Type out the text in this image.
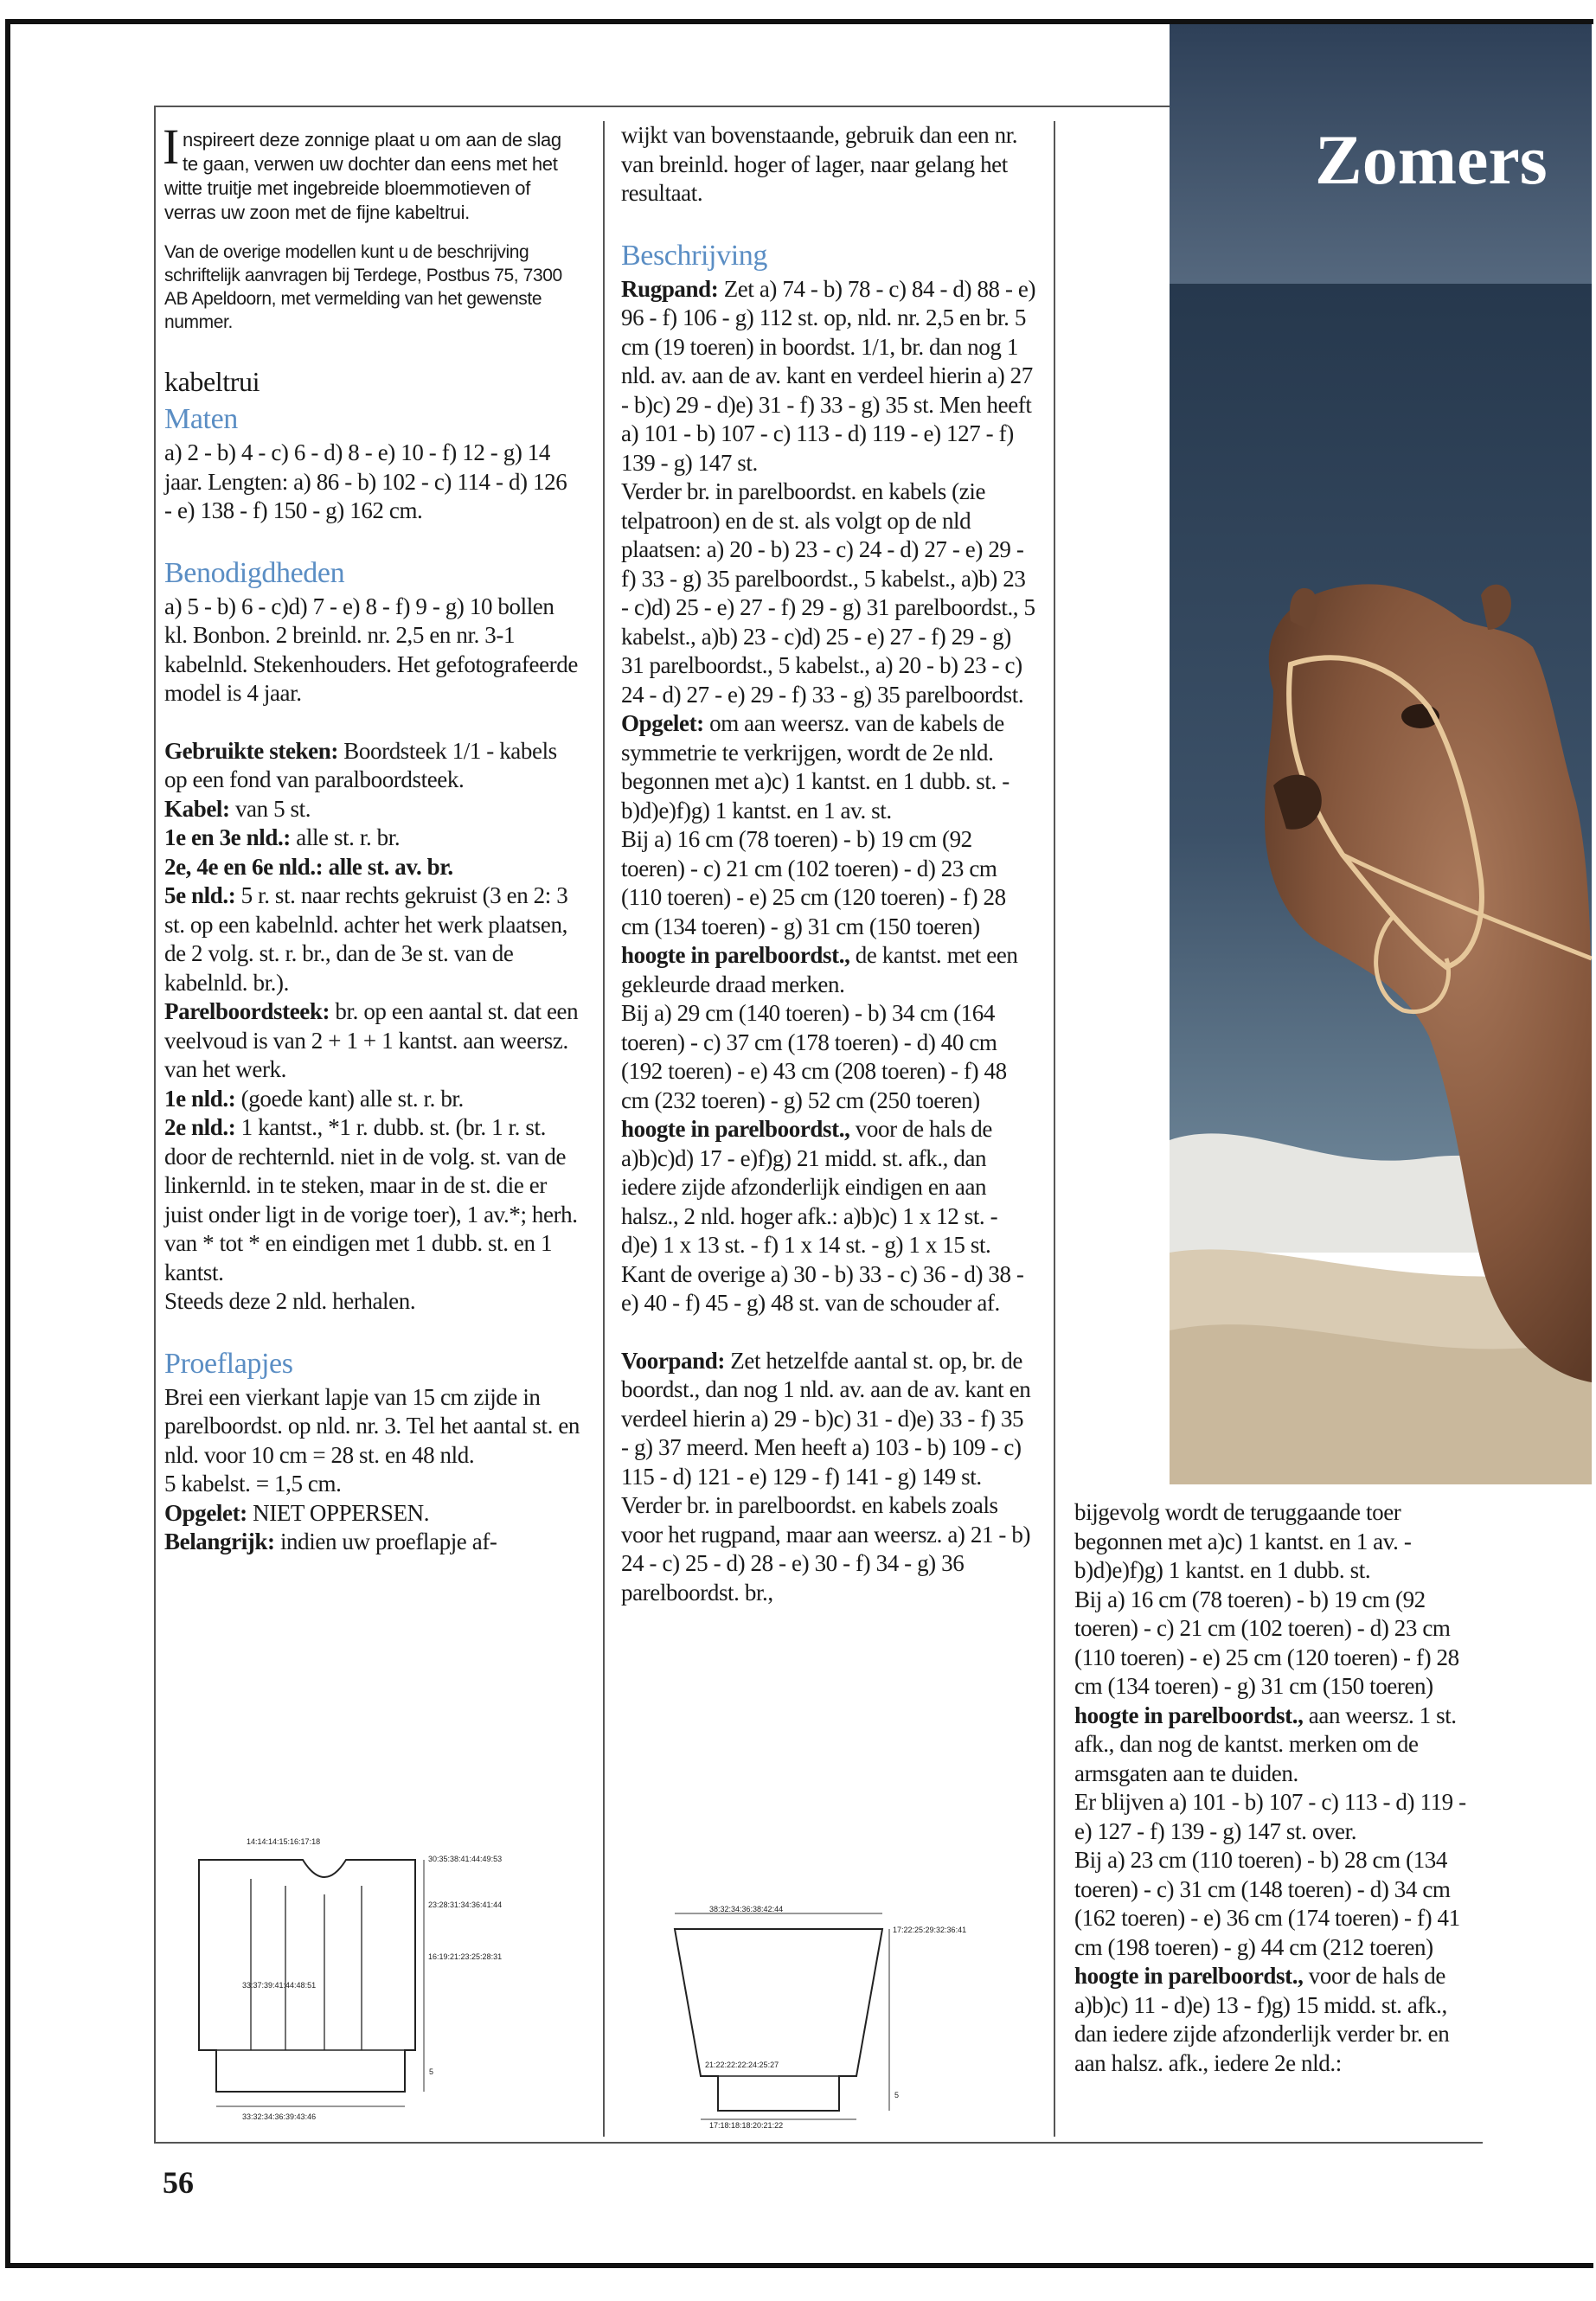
Zomers

Inspireert deze zonnige plaat u om aan de slag te gaan, verwen uw dochter dan eens met het witte truitje met ingebreide bloemmotieven of verras uw zoon met de fijne kabeltrui.

Van de overige modellen kunt u de beschrijving schriftelijk aanvragen bij Terdege, Postbus 75, 7300 AB Apeldoorn, met vermelding van het gewenste nummer.

kabeltrui

Maten

a) 2 - b) 4 - c) 6 - d) 8 - e) 10 - f) 12 - g) 14 jaar. Lengten: a) 86 - b) 102 - c) 114 - d) 126 - e) 138 - f) 150 - g) 162 cm.

Benodigdheden

a) 5 - b) 6 - c)d) 7 - e) 8 - f) 9 - g) 10 bollen kl. Bonbon. 2 breinld. nr. 2,5 en nr. 3-1 kabelnld. Stekenhouders. Het gefotografeerde model is 4 jaar.

Gebruikte steken: Boordsteek 1/1 - kabels op een fond van paralboordsteek.

Kabel: van 5 st.

1e en 3e nld.: alle st. r. br.

2e, 4e en 6e nld.: alle st. av. br.

5e nld.: 5 r. st. naar rechts gekruist (3 en 2: 3 st. op een kabelnld. achter het werk plaatsen, de 2 volg. st. r. br., dan de 3e st. van de kabelnld. br.).

Parelboordsteek: br. op een aantal st. dat een veelvoud is van 2 + 1 + 1 kantst. aan weersz. van het werk.

1e nld.: (goede kant) alle st. r. br.

2e nld.: 1 kantst., *1 r. dubb. st. (br. 1 r. st. door de rechternld. niet in de volg. st. van de linkernld. in te steken, maar in de st. die er juist onder ligt in de vorige toer), 1 av.*; herh. van * tot * en eindigen met 1 dubb. st. en 1 kantst.

Steeds deze 2 nld. herhalen.

Proeflapjes

Brei een vierkant lapje van 15 cm zijde in parelboordst. op nld. nr. 3. Tel het aantal st. en nld. voor 10 cm = 28 st. en 48 nld.

5 kabelst. = 1,5 cm.

Opgelet: NIET OPPERSEN.

Belangrijk: indien uw proeflapje af-

14:14:14:15:16:17:18
30:35:38:41:44:49:53
23:28:31:34:36:41:44
16:19:21:23:25:28:31
33:37:39:41:44:48:51
5
33:32:34:36:39:43:46

wijkt van bovenstaande, gebruik dan een nr. van breinld. hoger of lager, naar gelang het resultaat.

Beschrijving

Rugpand: Zet a) 74 - b) 78 - c) 84 - d) 88 - e) 96 - f) 106 - g) 112 st. op, nld. nr. 2,5 en br. 5 cm (19 toeren) in boordst. 1/1, br. dan nog 1 nld. av. aan de av. kant en verdeel hierin a) 27 - b)c) 29 - d)e) 31 - f) 33 - g) 35 st. Men heeft a) 101 - b) 107 - c) 113 - d) 119 - e) 127 - f) 139 - g) 147 st.

Verder br. in parelboordst. en kabels (zie telpatroon) en de st. als volgt op de nld plaatsen: a) 20 - b) 23 - c) 24 - d) 27 - e) 29 - f) 33 - g) 35 parelboordst., 5 kabelst., a)b) 23 - c)d) 25 - e) 27 - f) 29 - g) 31 parelboordst., 5 kabelst., a)b) 23 - c)d) 25 - e) 27 - f) 29 - g) 31 parelboordst., 5 kabelst., a) 20 - b) 23 - c) 24 - d) 27 - e) 29 - f) 33 - g) 35 parelboordst.

Opgelet: om aan weersz. van de kabels de symmetrie te verkrijgen, wordt de 2e nld. begonnen met a)c) 1 kantst. en 1 dubb. st. - b)d)e)f)g) 1 kantst. en 1 av. st.

Bij a) 16 cm (78 toeren) - b) 19 cm (92 toeren) - c) 21 cm (102 toeren) - d) 23 cm (110 toeren) - e) 25 cm (120 toeren) - f) 28 cm (134 toeren) - g) 31 cm (150 toeren) hoogte in parelboordst., de kantst. met een gekleurde draad merken.

Bij a) 29 cm (140 toeren) - b) 34 cm (164 toeren) - c) 37 cm (178 toeren) - d) 40 cm (192 toeren) - e) 43 cm (208 toeren) - f) 48 cm (232 toeren) - g) 52 cm (250 toeren) hoogte in parelboordst., voor de hals de a)b)c)d) 17 - e)f)g) 21 midd. st. afk., dan iedere zijde afzonderlijk eindigen en aan halsz., 2 nld. hoger afk.: a)b)c) 1 x 12 st. - d)e) 1 x 13 st. - f) 1 x 14 st. - g) 1 x 15 st.

Kant de overige a) 30 - b) 33 - c) 36 - d) 38 - e) 40 - f) 45 - g) 48 st. van de schouder af.

Voorpand: Zet hetzelfde aantal st. op, br. de boordst., dan nog 1 nld. av. aan de av. kant en verdeel hierin a) 29 - b)c) 31 - d)e) 33 - f) 35 - g) 37 meerd. Men heeft a) 103 - b) 109 - c) 115 - d) 121 - e) 129 - f) 141 - g) 149 st.

Verder br. in parelboordst. en kabels zoals voor het rugpand, maar aan weersz. a) 21 - b) 24 - c) 25 - d) 28 - e) 30 - f) 34 - g) 36 parelboordst. br.,

38:32:34:36:38:42:44
17:22:25:29:32:36:41
21:22:22:22:24:25:27
5
17:18:18:18:20:21:22

bijgevolg wordt de teruggaande toer begonnen met a)c) 1 kantst. en 1 av. - b)d)e)f)g) 1 kantst. en 1 dubb. st.

Bij a) 16 cm (78 toeren) - b) 19 cm (92 toeren) - c) 21 cm (102 toeren) - d) 23 cm (110 toeren) - e) 25 cm (120 toeren) - f) 28 cm (134 toeren) - g) 31 cm (150 toeren) hoogte in parelboordst., aan weersz. 1 st. afk., dan nog de kantst. merken om de armsgaten aan te duiden.

Er blijven a) 101 - b) 107 - c) 113 - d) 119 - e) 127 - f) 139 - g) 147 st. over.

Bij a) 23 cm (110 toeren) - b) 28 cm (134 toeren) - c) 31 cm (148 toeren) - d) 34 cm (162 toeren) - e) 36 cm (174 toeren) - f) 41 cm (198 toeren) - g) 44 cm (212 toeren) hoogte in parelboordst., voor de hals de a)b)c) 11 - d)e) 13 - f)g) 15 midd. st. afk., dan iedere zijde afzonderlijk verder br. en aan halsz. afk., iedere 2e nld.:

56
